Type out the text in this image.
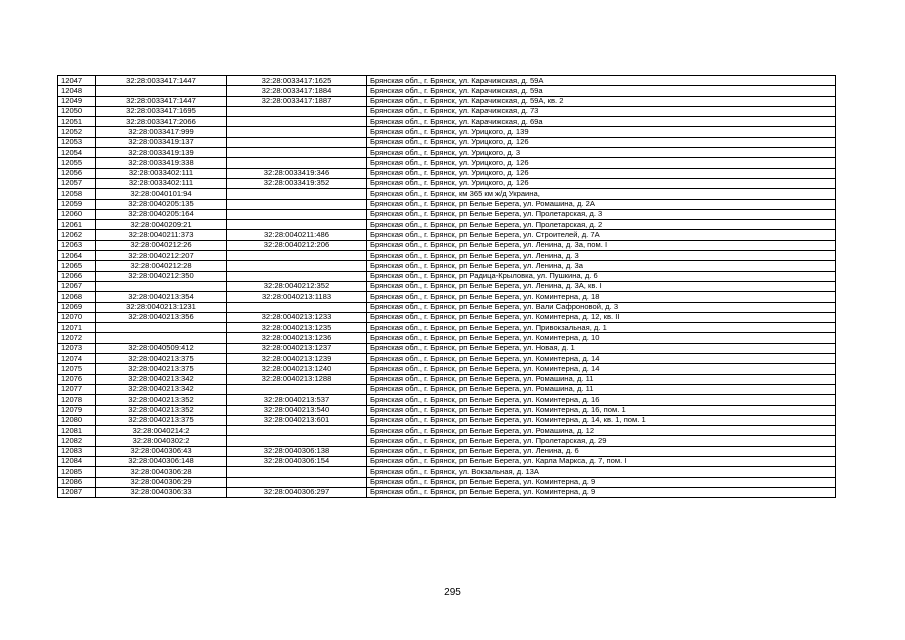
12047	32:28:0033417:1447	32:28:0033417:1625	Брянская обл., г. Брянск, ул. Карачижская, д. 59А
12048		32:28:0033417:1884	Брянская обл., г. Брянск, ул. Карачижская, д. 59а
12049	32:28:0033417:1447	32:28:0033417:1887	Брянская обл., г. Брянск, ул. Карачижская, д. 59А, кв. 2
12050	32:28:0033417:1695		Брянская обл., г. Брянск, ул. Карачижская, д. 73
12051	32:28:0033417:2066		Брянская обл., г. Брянск, ул. Карачижская, д. 69а
12052	32:28:0033417:999		Брянская обл., г. Брянск, ул. Урицкого, д. 139
12053	32:28:0033419:137		Брянская обл., г. Брянск, ул. Урицкого, д. 126
12054	32:28:0033419:139		Брянская обл., г. Брянск, ул. Урицкого, д. 3
12055	32:28:0033419:338		Брянская обл., г. Брянск, ул. Урицкого, д. 126
12056	32:28:0033402:111	32:28:0033419:346	Брянская обл., г. Брянск, ул. Урицкого, д. 126
12057	32:28:0033402:111	32:28:0033419:352	Брянская обл., г. Брянск, ул. Урицкого, д. 126
12058	32:28:0040101:94		Брянская обл., г. Брянск, км 365 км ж/д Украина,
12059	32:28:0040205:135		Брянская обл., г. Брянск, рп Белые Берега, ул. Ромашина, д. 2А
12060	32:28:0040205:164		Брянская обл., г. Брянск, рп Белые Берега, ул. Пролетарская, д. 3
12061	32:28:0040209:21		Брянская обл., г. Брянск, рп Белые Берега, ул. Пролетарская, д. 2
12062	32:28:0040211:373	32:28:0040211:486	Брянская обл., г. Брянск, рп Белые Берега, ул. Строителей, д. 7А
12063	32:28:0040212:26	32:28:0040212:206	Брянская обл., г. Брянск, рп Белые Берега, ул. Ленина, д. 3а, пом. I
12064	32:28:0040212:207		Брянская обл., г. Брянск, рп Белые Берега, ул. Ленина, д. 3
12065	32:28:0040212:28		Брянская обл., г. Брянск, рп Белые Берега, ул. Ленина, д. 3а
12066	32:28:0040212:350		Брянская обл., г. Брянск, рп Радица-Крыловка, ул. Пушкина, д. 6
12067		32:28:0040212:352	Брянская обл., г. Брянск, рп Белые Берега, ул. Ленина, д. 3А, кв. I
12068	32:28:0040213:354	32:28:0040213:1183	Брянская обл., г. Брянск, рп Белые Берега, ул. Коминтерна, д. 18
12069	32:28:0040213:1231		Брянская обл., г. Брянск, рп Белые Берега, ул. Вали Сафроновой, д. 3
12070	32:28:0040213:356	32:28:0040213:1233	Брянская обл., г. Брянск, рп Белые Берега, ул. Коминтерна, д. 12, кв. II
12071		32:28:0040213:1235	Брянская обл., г. Брянск, рп Белые Берега, ул. Привокзальная, д. 1
12072		32:28:0040213:1236	Брянская обл., г. Брянск, рп Белые Берега, ул. Коминтерна, д. 10
12073	32:28:0040509:412	32:28:0040213:1237	Брянская обл., г. Брянск, рп Белые Берега, ул. Новая, д. 1
12074	32:28:0040213:375	32:28:0040213:1239	Брянская обл., г. Брянск, рп Белые Берега, ул. Коминтерна, д. 14
12075	32:28:0040213:375	32:28:0040213:1240	Брянская обл., г. Брянск, рп Белые Берега, ул. Коминтерна, д. 14
12076	32:28:0040213:342	32:28:0040213:1288	Брянская обл., г. Брянск, рп Белые Берега, ул. Ромашина, д. 11
12077	32:28:0040213:342		Брянская обл., г. Брянск, рп Белые Берега, ул. Ромашина, д. 11
12078	32:28:0040213:352	32:28:0040213:537	Брянская обл., г. Брянск, рп Белые Берега, ул. Коминтерна, д. 16
12079	32:28:0040213:352	32:28:0040213:540	Брянская обл., г. Брянск, рп Белые Берега, ул. Коминтерна, д. 16, пом. 1
12080	32:28:0040213:375	32:28:0040213:601	Брянская обл., г. Брянск, рп Белые Берега, ул. Коминтерна, д. 14, кв. 1, пом. 1
12081	32:28:0040214:2		Брянская обл., г. Брянск, рп Белые Берега, ул. Ромашина, д. 12
12082	32:28:0040302:2		Брянская обл., г. Брянск, рп Белые Берега, ул. Пролетарская, д. 29
12083	32:28:0040306:43	32:28:0040306:138	Брянская обл., г. Брянск, рп Белые Берега, ул. Ленина, д. 6
12084	32:28:0040306:148	32:28:0040306:154	Брянская обл., г. Брянск, рп Белые Берега, ул. Карла Маркса, д. 7, пом. I
12085	32:28:0040306:28		Брянская обл., г. Брянск, ул. Вокзальная, д. 13А
12086	32:28:0040306:29		Брянская обл., г. Брянск, рп Белые Берега, ул. Коминтерна, д. 9
12087	32:28:0040306:33	32:28:0040306:297	Брянская обл., г. Брянск, рп Белые Берега, ул. Коминтерна, д. 9
295
